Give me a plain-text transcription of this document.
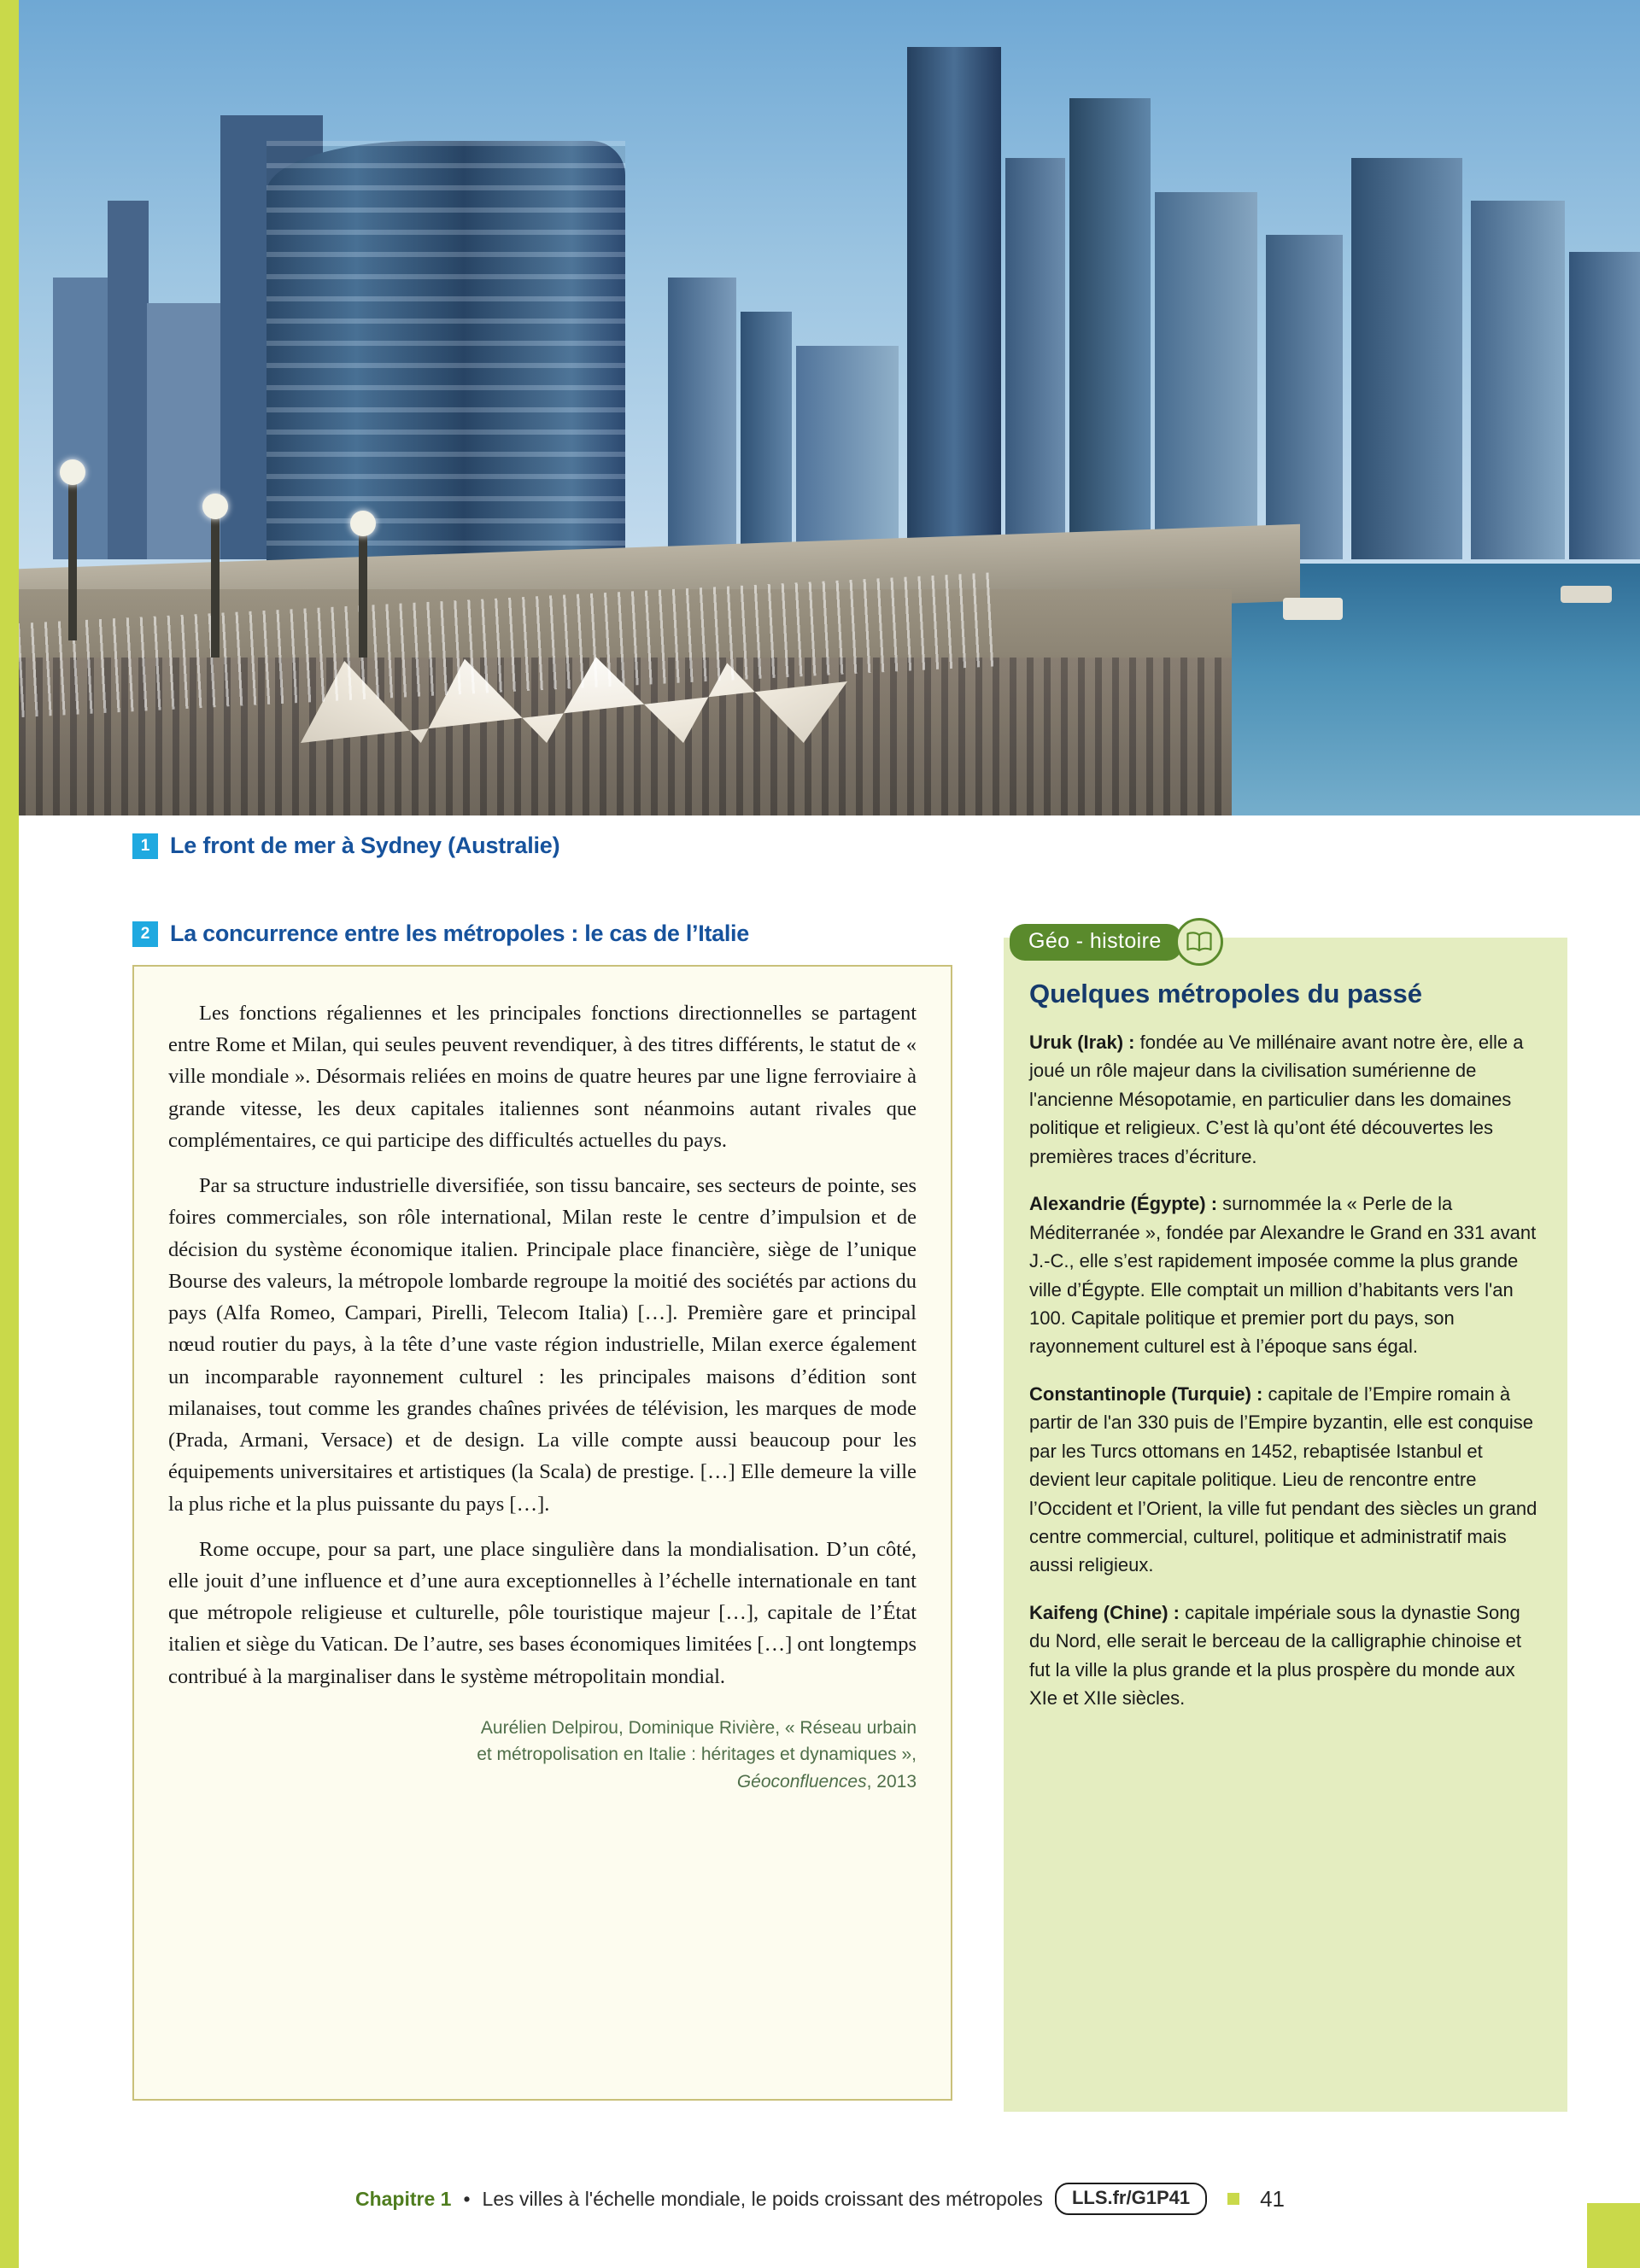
1 Le front de mer à Sydney (Australie)
2 La concurrence entre les métropoles : le cas de l’Italie

Les fonctions régaliennes et les principales fonctions directionnelles se partagent entre Rome et Milan, qui seules peuvent revendiquer, à des titres différents, le statut de « ville mondiale ». Désormais reliées en moins de quatre heures par une ligne ferroviaire à grande vitesse, les deux capitales italiennes sont néanmoins autant rivales que complémentaires, ce qui participe des difficultés actuelles du pays.

Par sa structure industrielle diversifiée, son tissu bancaire, ses secteurs de pointe, ses foires commerciales, son rôle international, Milan reste le centre d’impulsion et de décision du système économique italien. Principale place financière, siège de l’unique Bourse des valeurs, la métropole lombarde regroupe la moitié des sociétés par actions du pays (Alfa Romeo, Campari, Pirelli, Telecom Italia) […]. Première gare et principal nœud routier du pays, à la tête d’une vaste région industrielle, Milan exerce également un incomparable rayonnement culturel : les principales maisons d’édition sont milanaises, tout comme les grandes chaînes privées de télévision, les marques de mode (Prada, Armani, Versace) et de design. La ville compte aussi beaucoup pour les équipements universitaires et artistiques (la Scala) de prestige. […] Elle demeure la ville la plus riche et la plus puissante du pays […].

Rome occupe, pour sa part, une place singulière dans la mondialisation. D’un côté, elle jouit d’une influence et d’une aura exceptionnelles à l’échelle internationale en tant que métropole religieuse et culturelle, pôle touristique majeur […], capitale de l’État italien et siège du Vatican. De l’autre, ses bases économiques limitées […] ont longtemps contribué à la marginaliser dans le système métropolitain mondial.

Aurélien Delpirou, Dominique Rivière, « Réseau urbain
et métropolisation en Italie : héritages et dynamiques »,
Géoconfluences, 2013
Quelques métropoles du passé

Uruk (Irak) : fondée au Ve millénaire avant notre ère, elle a joué un rôle majeur dans la civilisation sumérienne de l'ancienne Mésopotamie, en particulier dans les domaines politique et religieux. C’est là qu’ont été découvertes les premières traces d’écriture.

Alexandrie (Égypte) : surnommée la « Perle de la Méditerranée », fondée par Alexandre le Grand en 331 avant J.-C., elle s’est rapidement imposée comme la plus grande ville d’Égypte. Elle comptait un million d’habitants vers l'an 100. Capitale politique et premier port du pays, son rayonnement culturel est à l’époque sans égal.

Constantinople (Turquie) : capitale de l’Empire romain à partir de l'an 330 puis de l’Empire byzantin, elle est conquise par les Turcs ottomans en 1452, rebaptisée Istanbul et devient leur capitale politique. Lieu de rencontre entre l’Occident et l’Orient, la ville fut pendant des siècles un grand centre commercial, culturel, politique et administratif mais aussi religieux.

Kaifeng (Chine) : capitale impériale sous la dynastie Song du Nord, elle serait le berceau de la calligraphie chinoise et fut la ville la plus grande et la plus prospère du monde aux XIe et XIIe siècles.

Géo - histoire
Chapitre 1 • Les villes à l'échelle mondiale, le poids croissant des métropoles	LLS.fr/G1P41	41
